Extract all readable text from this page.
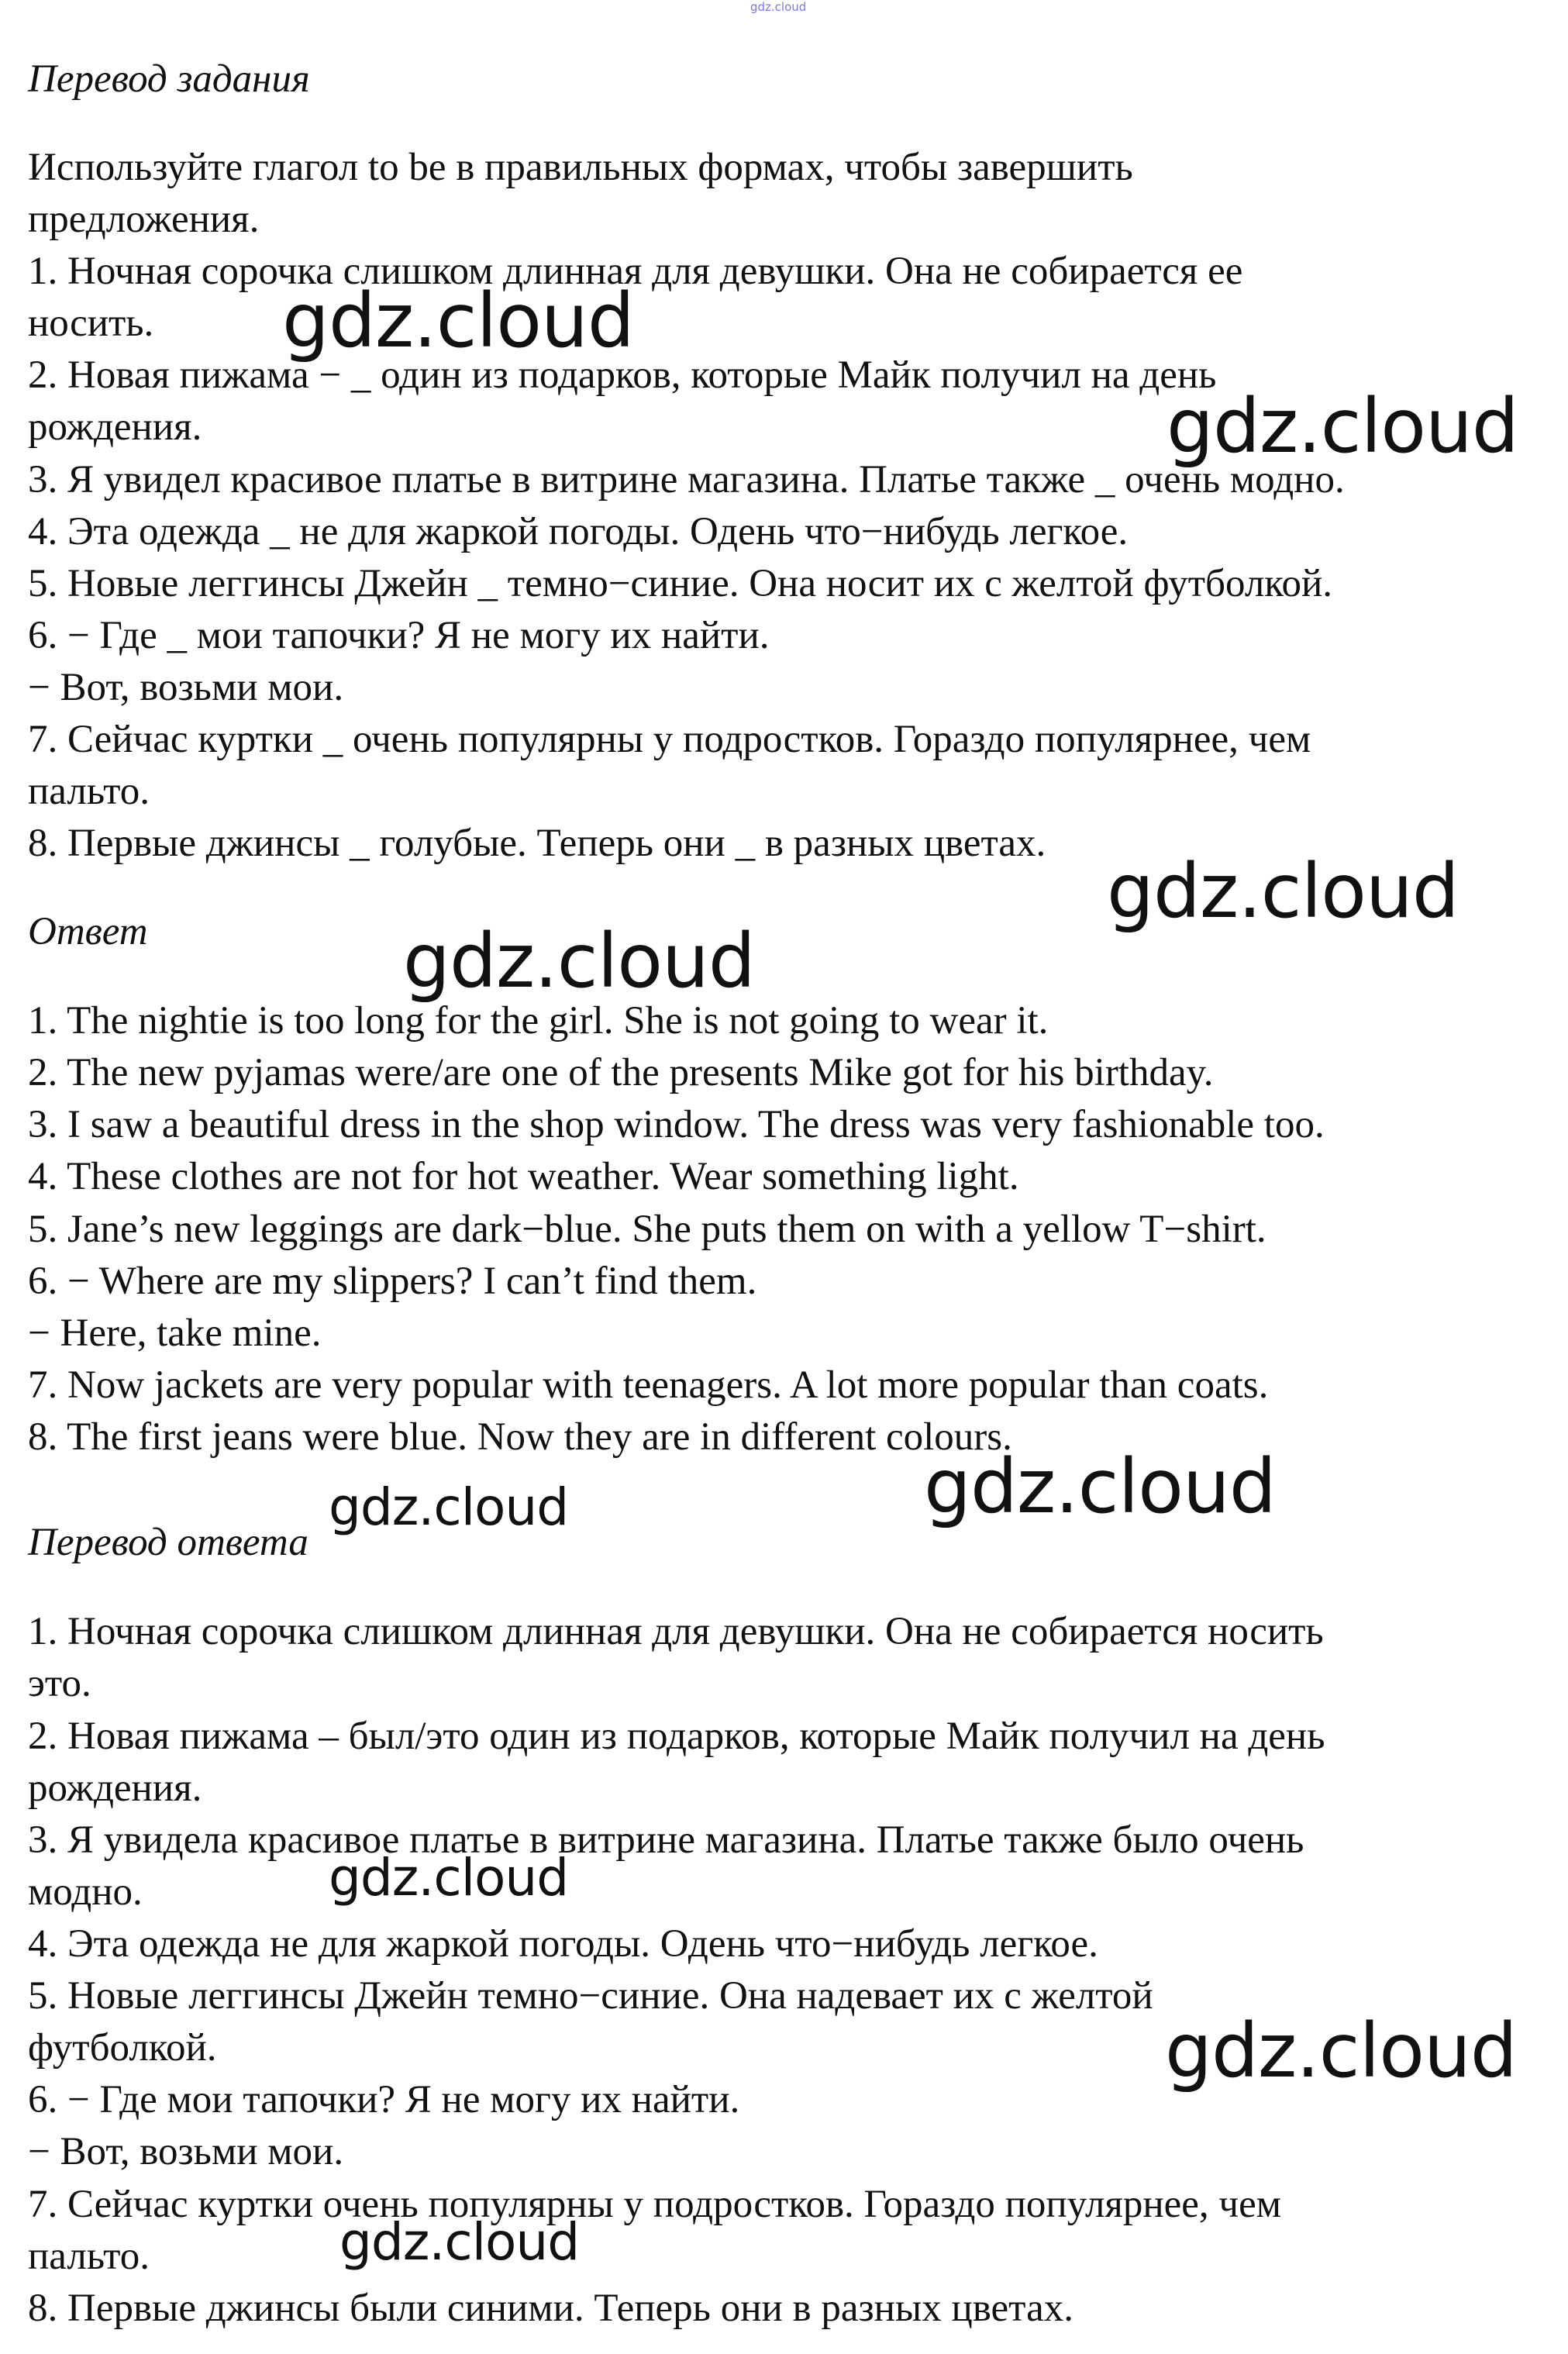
gdz.cloud

Перевод задания

Используйте глагол to be в правильных формах, чтобы завершить

предложения.

1. Ночная сорочка слишком длинная для девушки. Она не собирается ее

носить.

2. Новая пижама − _ один из подарков, которые Майк получил на день

рождения.

3. Я увидел красивое платье в витрине магазина. Платье также _ очень модно.

4. Эта одежда _ не для жаркой погоды. Одень что−нибудь легкое.

5. Новые леггинсы Джейн _ темно−синие. Она носит их с желтой футболкой.

6. − Где _ мои тапочки? Я не могу их найти.

− Вот, возьми мои.

7. Сейчас куртки _ очень популярны у подростков. Гораздо популярнее, чем

пальто.

8. Первые джинсы _ голубые. Теперь они _ в разных цветах.

Ответ

1. The nightie is too long for the girl. She is not going to wear it.

2. The new pyjamas were/are one of the presents Mike got for his birthday.

3. I saw a beautiful dress in the shop window. The dress was very fashionable too.

4. These clothes are not for hot weather. Wear something light.

5. Jane’s new leggings are dark−blue. She puts them on with a yellow T−shirt.

6. − Where are my slippers? I can’t find them.

− Here, take mine.

7. Now jackets are very popular with teenagers. A lot more popular than coats.

8. The first jeans were blue. Now they are in different colours.

Перевод ответа

1. Ночная сорочка слишком длинная для девушки. Она не собирается носить

это.

2. Новая пижама – был/это один из подарков, которые Майк получил на день

рождения.

3. Я увидела красивое платье в витрине магазина. Платье также было очень

модно.

4. Эта одежда не для жаркой погоды. Одень что−нибудь легкое.

5. Новые леггинсы Джейн темно−синие. Она надевает их с желтой

футболкой.

6. − Где мои тапочки? Я не могу их найти.

− Вот, возьми мои.

7. Сейчас куртки очень популярны у подростков. Гораздо популярнее, чем

пальто.

8. Первые джинсы были синими. Теперь они в разных цветах.

gdz.cloud
gdz.cloud
gdz.cloud
gdz.cloud
gdz.cloud
gdz.cloud
gdz.cloud
gdz.cloud
gdz.cloud
